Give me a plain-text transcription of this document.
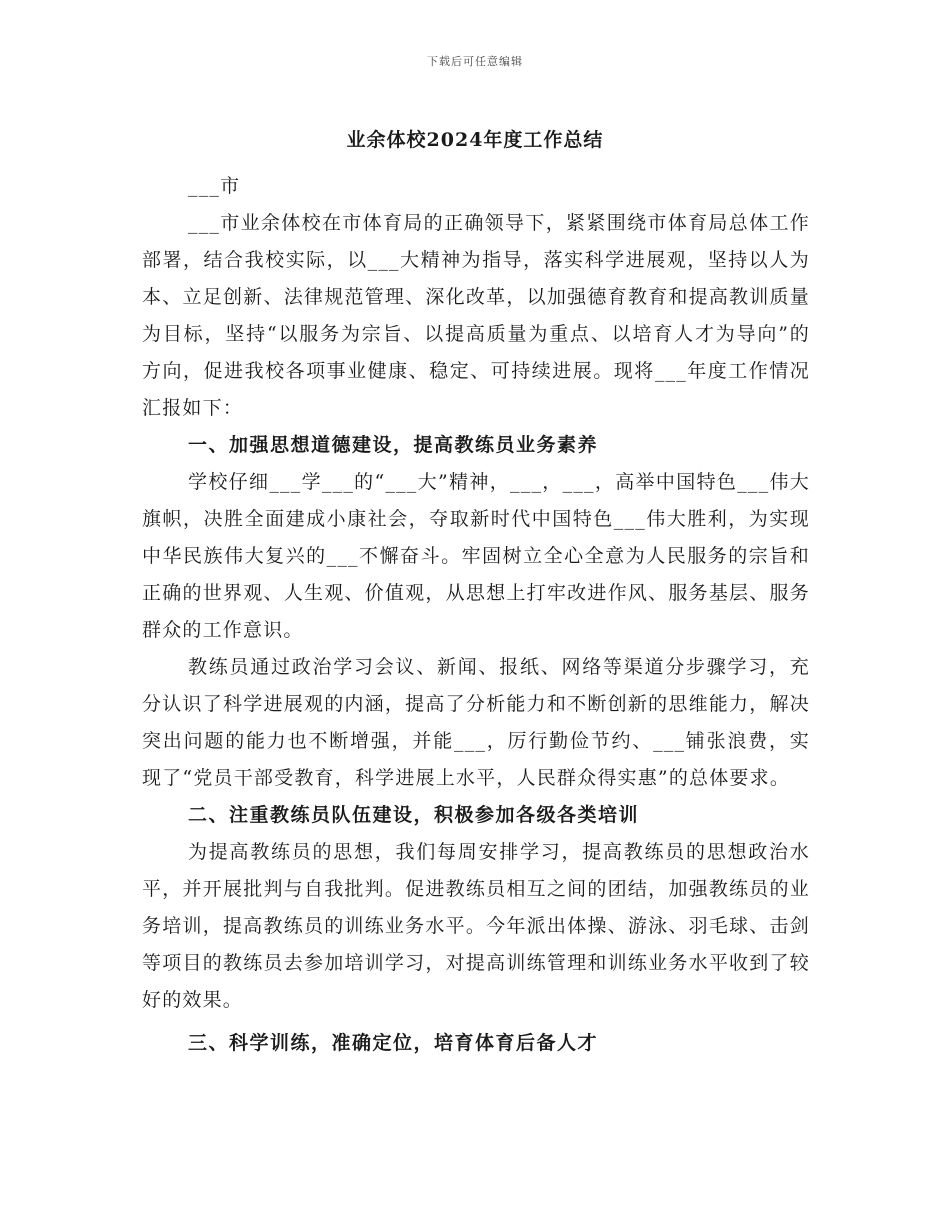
下载后可任意编辑
业余体校2024年度工作总结

___市

___市业余体校在市体育局的正确领导下，紧紧围绕市体育局总体工作部署，结合我校实际，以___大精神为指导，落实科学进展观，坚持以人为本、立足创新、法律规范管理、深化改革，以加强德育教育和提高教训质量为目标，坚持“以服务为宗旨、以提高质量为重点、以培育人才为导向”的方向，促进我校各项事业健康、稳定、可持续进展。现将___年度工作情况汇报如下：

一、加强思想道德建设，提高教练员业务素养

学校仔细___学___的“___大”精神，___，___，高举中国特色___伟大旗帜，决胜全面建成小康社会，夺取新时代中国特色___伟大胜利，为实现中华民族伟大复兴的___不懈奋斗。牢固树立全心全意为人民服务的宗旨和正确的世界观、人生观、价值观，从思想上打牢改进作风、服务基层、服务群众的工作意识。

教练员通过政治学习会议、新闻、报纸、网络等渠道分步骤学习，充分认识了科学进展观的内涵，提高了分析能力和不断创新的思维能力，解决突出问题的能力也不断增强，并能___，厉行勤俭节约、___铺张浪费，实现了“党员干部受教育，科学进展上水平，人民群众得实惠”的总体要求。

二、注重教练员队伍建设，积极参加各级各类培训

为提高教练员的思想，我们每周安排学习，提高教练员的思想政治水平，并开展批判与自我批判。促进教练员相互之间的团结，加强教练员的业务培训，提高教练员的训练业务水平。今年派出体操、游泳、羽毛球、击剑等项目的教练员去参加培训学习，对提高训练管理和训练业务水平收到了较好的效果。

三、科学训练，准确定位，培育体育后备人才
